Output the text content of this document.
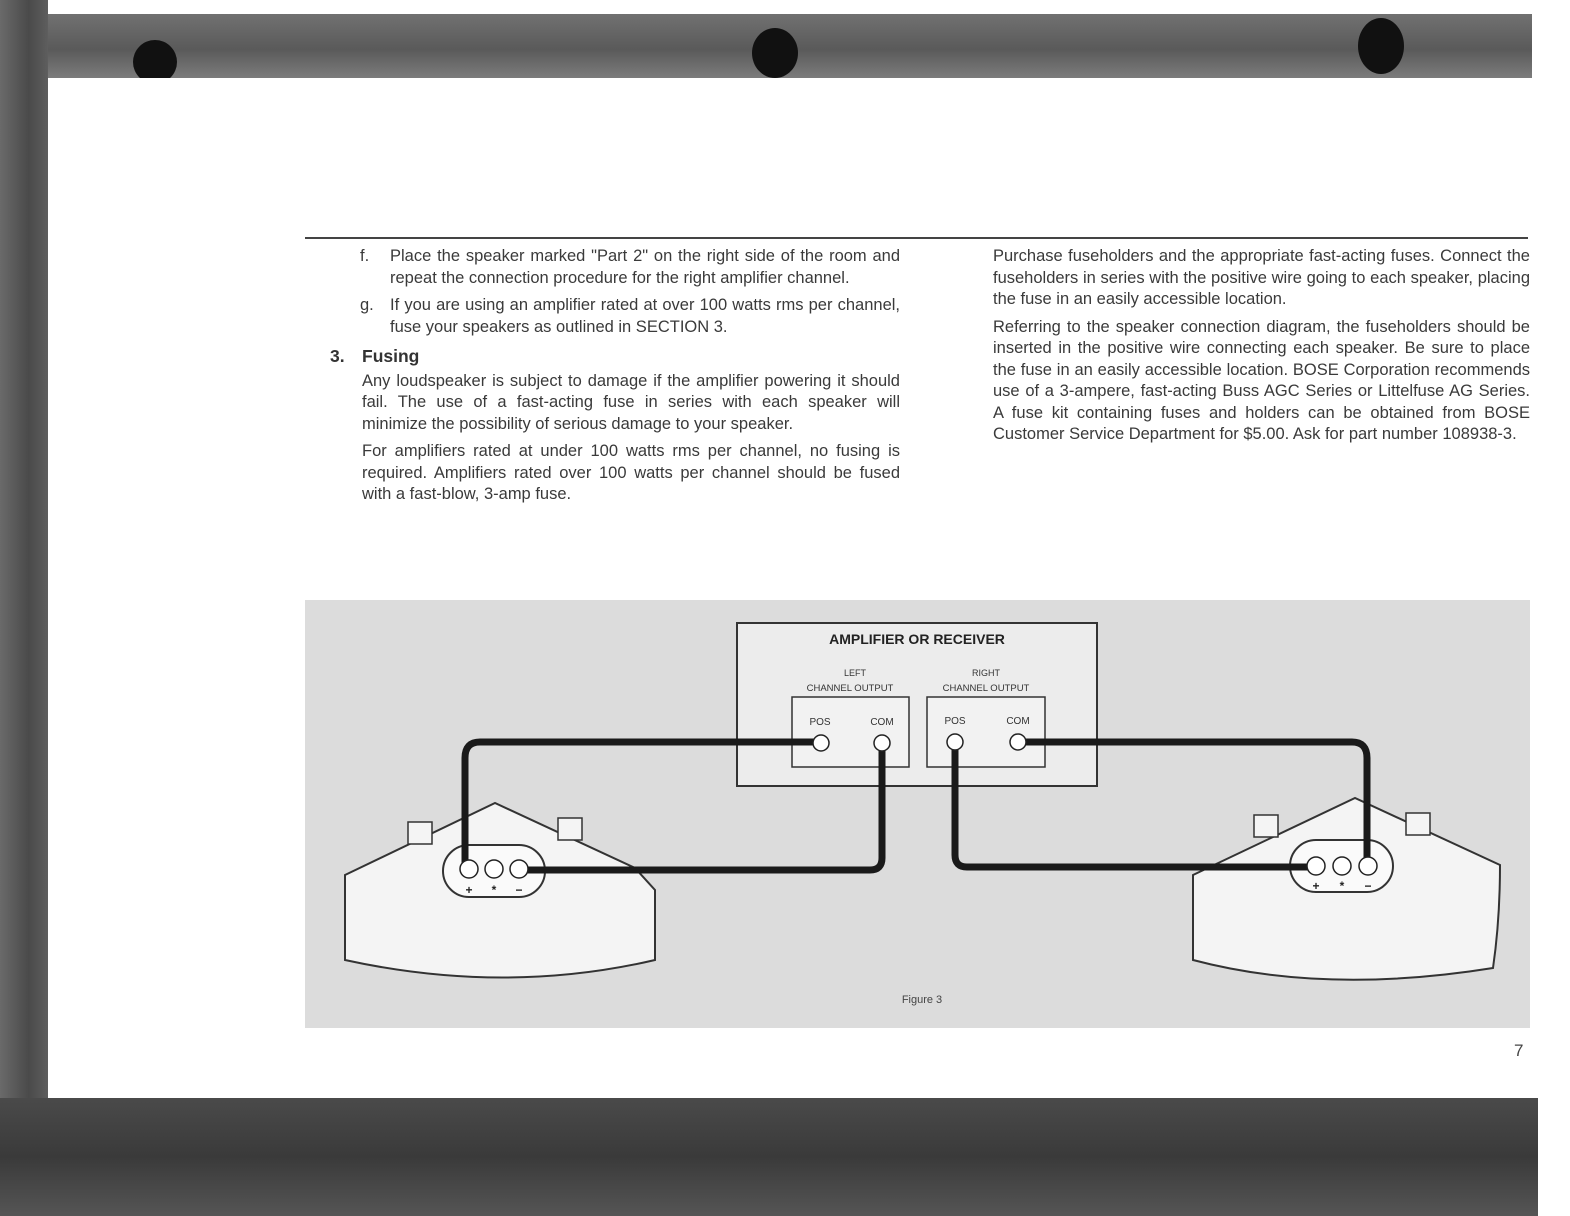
f.	Place the speaker marked "Part 2" on the right side of the room and repeat the connection procedure for the right amplifier channel.
g. If you are using an amplifier rated at over 100 watts rms per channel, fuse your speakers as outlined in SECTION 3.
3. Fusing

Any loudspeaker is subject to damage if the amplifier powering it should fail. The use of a fast-acting fuse in series with each speaker will minimize the possibility of serious damage to your speaker.

For amplifiers rated at under 100 watts rms per channel, no fusing is required. Amplifiers rated over 100 watts per channel should be fused with a fast-blow, 3-amp fuse.

Purchase fuseholders and the appropriate fast-acting fuses. Connect the fuseholders in series with the positive wire going to each speaker, placing the fuse in an easily accessible location.

Referring to the speaker connection diagram, the fuseholders should be inserted in the positive wire connecting each speaker. Be sure to place the fuse in an easily accessible location. BOSE Corporation recommends use of a 3-ampere, fast-acting Buss AGC Series or Littelfuse AG Series. A fuse kit containing fuses and holders can be obtained from BOSE Customer Service Department for $5.00. Ask for part number 108938-3.

AMPLIFIER OR RECEIVER
LEFT
CHANNEL OUTPUT
RIGHT
CHANNEL OUTPUT
POS	COM	POS	COM
+ * −	+ * −
Figure 3
7
